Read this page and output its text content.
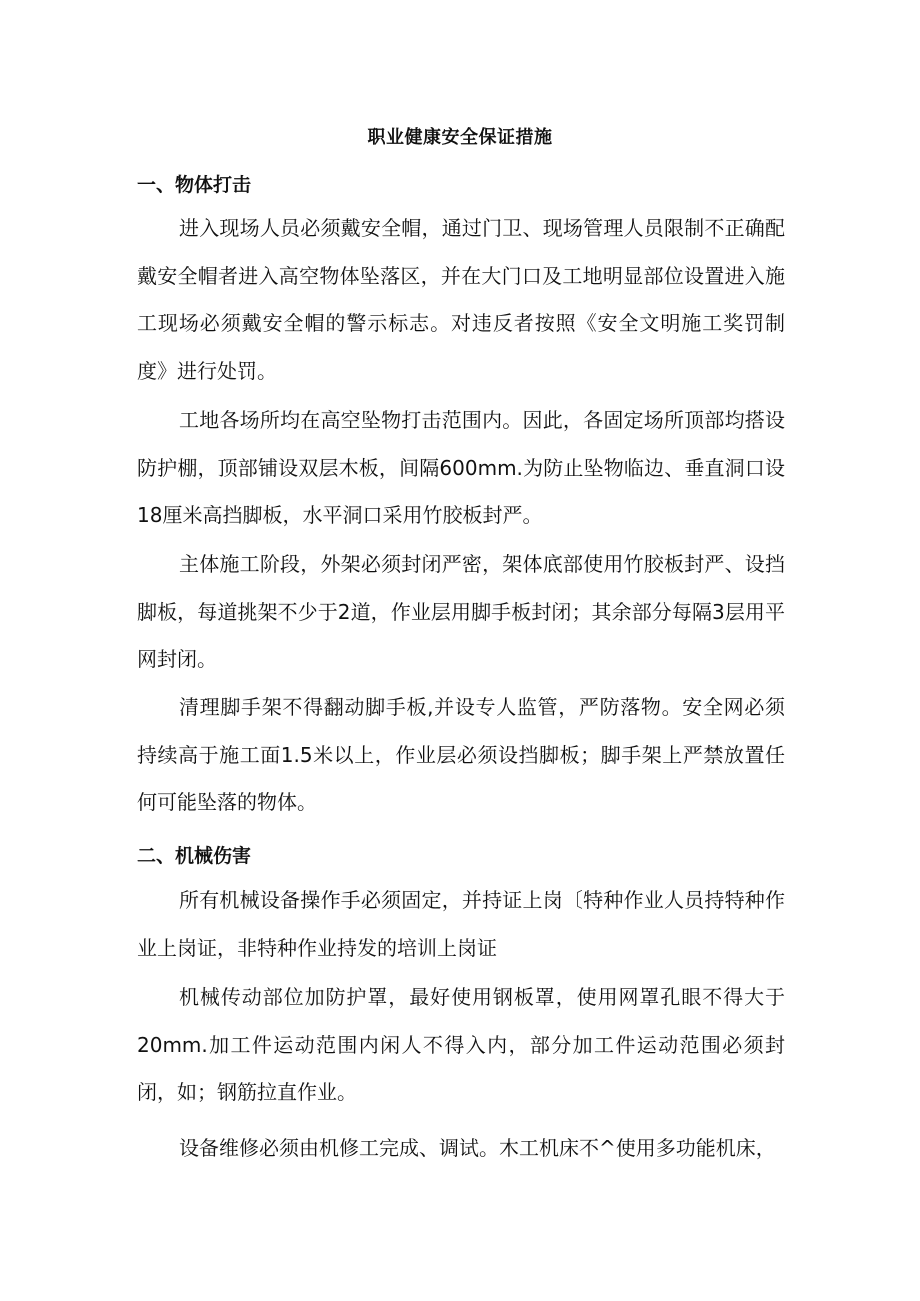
职业健康安全保证措施
一、物体打击

进入现场人员必须戴安全帽，通过门卫、现场管理人员限制不正确配戴安全帽者进入高空物体坠落区，并在大门口及工地明显部位设置进入施工现场必须戴安全帽的警示标志。对违反者按照《安全文明施工奖罚制度》进行处罚。

工地各场所均在高空坠物打击范围内。因此，各固定场所顶部均搭设防护棚，顶部铺设双层木板，间隔600mm.为防止坠物临边、垂直洞口设18厘米高挡脚板，水平洞口采用竹胶板封严。

主体施工阶段，外架必须封闭严密，架体底部使用竹胶板封严、设挡脚板，每道挑架不少于2道，作业层用脚手板封闭；其余部分每隔3层用平网封闭。

清理脚手架不得翻动脚手板,并设专人监管，严防落物。安全网必须持续高于施工面1.5米以上，作业层必须设挡脚板；脚手架上严禁放置任何可能坠落的物体。

二、机械伤害

所有机械设备操作手必须固定，并持证上岗〔特种作业人员持特种作业上岗证，非特种作业持发的培训上岗证

机械传动部位加防护罩，最好使用钢板罩，使用网罩孔眼不得大于20mm.加工件运动范围内闲人不得入内，部分加工件运动范围必须封闭，如；钢筋拉直作业。

设备维修必须由机修工完成、调试。木工机床不^使用多功能机床，
